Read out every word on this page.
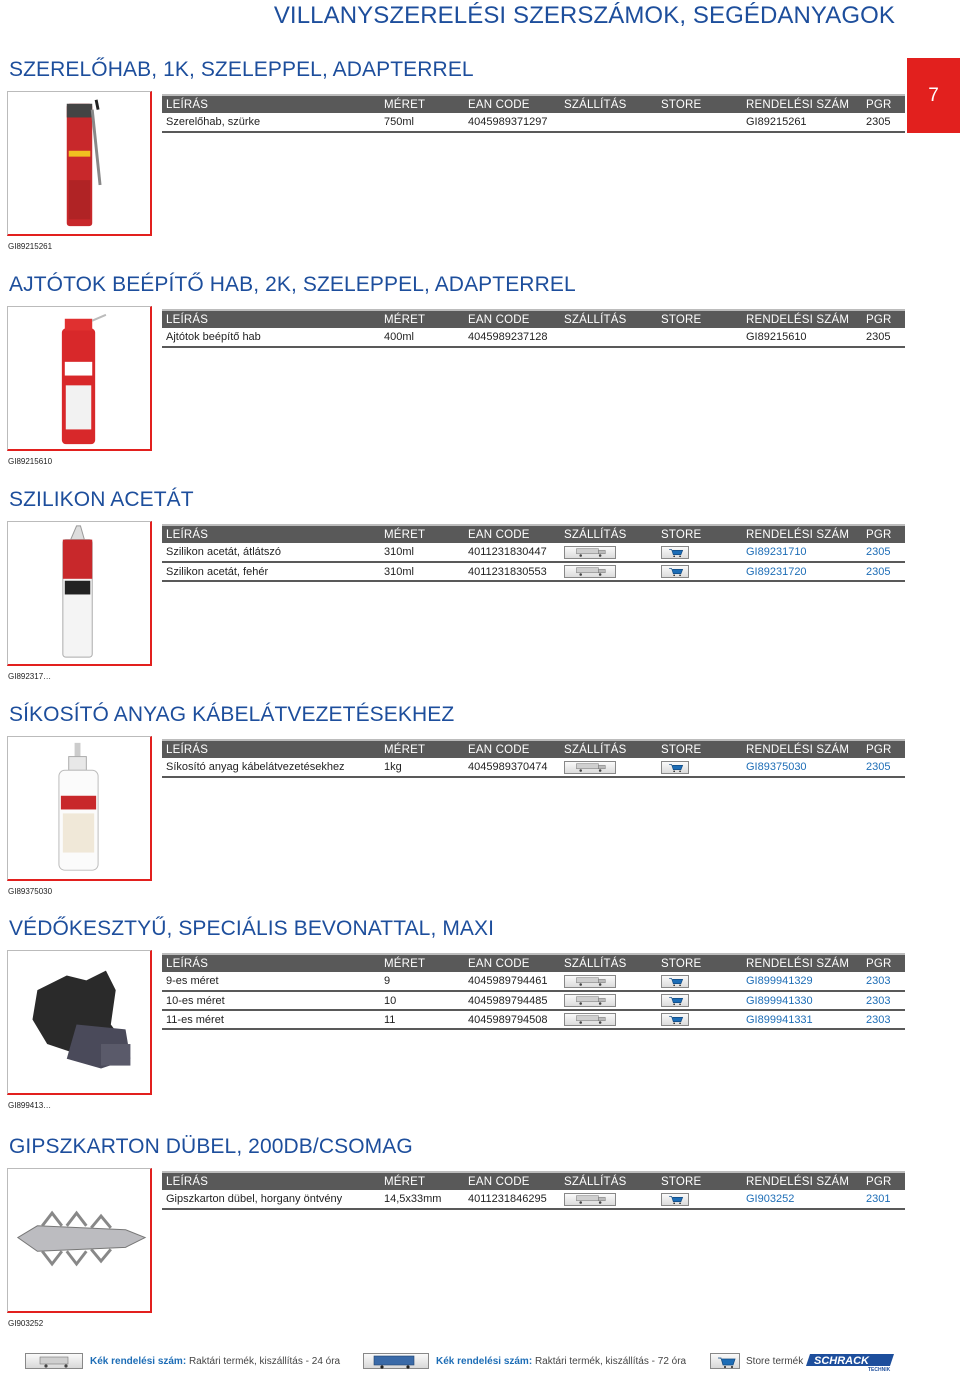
VILLANYSZERELÉSI SZERSZÁMOK, SEGÉDANYAGOK
7
SZERELŐHAB, 1K, SZELEPPEL, ADAPTERREL
GI89215261
LEÍRÁS	MÉRET	EAN CODE	SZÁLLÍTÁS	STORE	RENDELÉSI SZÁM	PGR
Szerelőhab, szürke	750ml	4045989371297			GI89215261	2305
AJTÓTOK BEÉPÍTŐ HAB, 2K, SZELEPPEL, ADAPTERREL
GI89215610
LEÍRÁS	MÉRET	EAN CODE	SZÁLLÍTÁS	STORE	RENDELÉSI SZÁM	PGR
Ajtótok beépítő hab	400ml	4045989237128			GI89215610	2305
SZILIKON ACETÁT
GI892317…
LEÍRÁS	MÉRET	EAN CODE	SZÁLLÍTÁS	STORE	RENDELÉSI SZÁM	PGR
Szilikon acetát, átlátszó	310ml	4011231830447			GI89231710	2305
Szilikon acetát, fehér	310ml	4011231830553			GI89231720	2305
SÍKOSÍTÓ ANYAG KÁBELÁTVEZETÉSEKHEZ
GI89375030
LEÍRÁS	MÉRET	EAN CODE	SZÁLLÍTÁS	STORE	RENDELÉSI SZÁM	PGR
Síkosító anyag kábelátvezetésekhez	1kg	4045989370474			GI89375030	2305
VÉDŐKESZTYŰ, SPECIÁLIS BEVONATTAL, MAXI
GI899413…
LEÍRÁS	MÉRET	EAN CODE	SZÁLLÍTÁS	STORE	RENDELÉSI SZÁM	PGR
9-es méret	9	4045989794461			GI899941329	2303
10-es méret	10	4045989794485			GI899941330	2303
11-es méret	11	4045989794508			GI899941331	2303
GIPSZKARTON DÜBEL, 200DB/CSOMAG
GI903252
LEÍRÁS	MÉRET	EAN CODE	SZÁLLÍTÁS	STORE	RENDELÉSI SZÁM	PGR
Gipszkarton dübel, horgany öntvény	14,5x33mm	4011231846295			GI903252	2301
Kék rendelési szám: Raktári termék, kiszállítás - 24 óra	Kék rendelési szám: Raktári termék, kiszállítás - 72 óra	Store termék SCHRACK
TECHNIK
